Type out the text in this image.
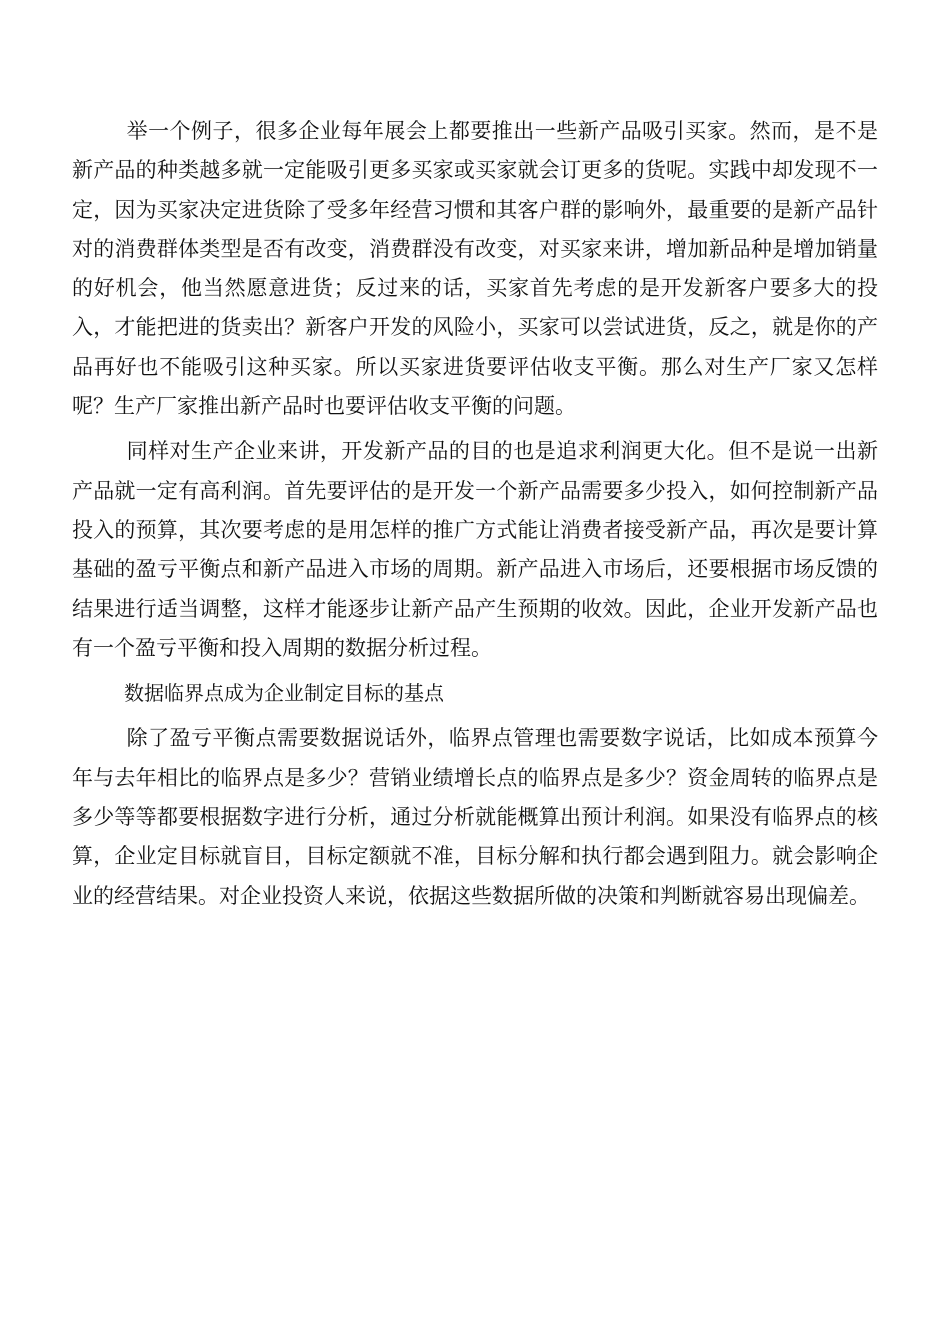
举一个例子，很多企业每年展会上都要推出一些新产品吸引买家。然而，是不是新产品的种类越多就一定能吸引更多买家或买家就会订更多的货呢。实践中却发现不一定，因为买家决定进货除了受多年经营习惯和其客户群的影响外，最重要的是新产品针对的消费群体类型是否有改变，消费群没有改变，对买家来讲，增加新品种是增加销量的好机会，他当然愿意进货；反过来的话，买家首先考虑的是开发新客户要多大的投入，才能把进的货卖出？新客户开发的风险小，买家可以尝试进货，反之，就是你的产品再好也不能吸引这种买家。所以买家进货要评估收支平衡。那么对生产厂家又怎样呢？生产厂家推出新产品时也要评估收支平衡的问题。

同样对生产企业来讲，开发新产品的目的也是追求利润更大化。但不是说一出新产品就一定有高利润。首先要评估的是开发一个新产品需要多少投入，如何控制新产品投入的预算，其次要考虑的是用怎样的推广方式能让消费者接受新产品，再次是要计算基础的盈亏平衡点和新产品进入市场的周期。新产品进入市场后，还要根据市场反馈的结果进行适当调整，这样才能逐步让新产品产生预期的收效。因此，企业开发新产品也有一个盈亏平衡和投入周期的数据分析过程。

数据临界点成为企业制定目标的基点

除了盈亏平衡点需要数据说话外，临界点管理也需要数字说话，比如成本预算今年与去年相比的临界点是多少？营销业绩增长点的临界点是多少？资金周转的临界点是多少等等都要根据数字进行分析，通过分析就能概算出预计利润。如果没有临界点的核算，企业定目标就盲目，目标定额就不准，目标分解和执行都会遇到阻力。就会影响企业的经营结果。对企业投资人来说，依据这些数据所做的决策和判断就容易出现偏差。
